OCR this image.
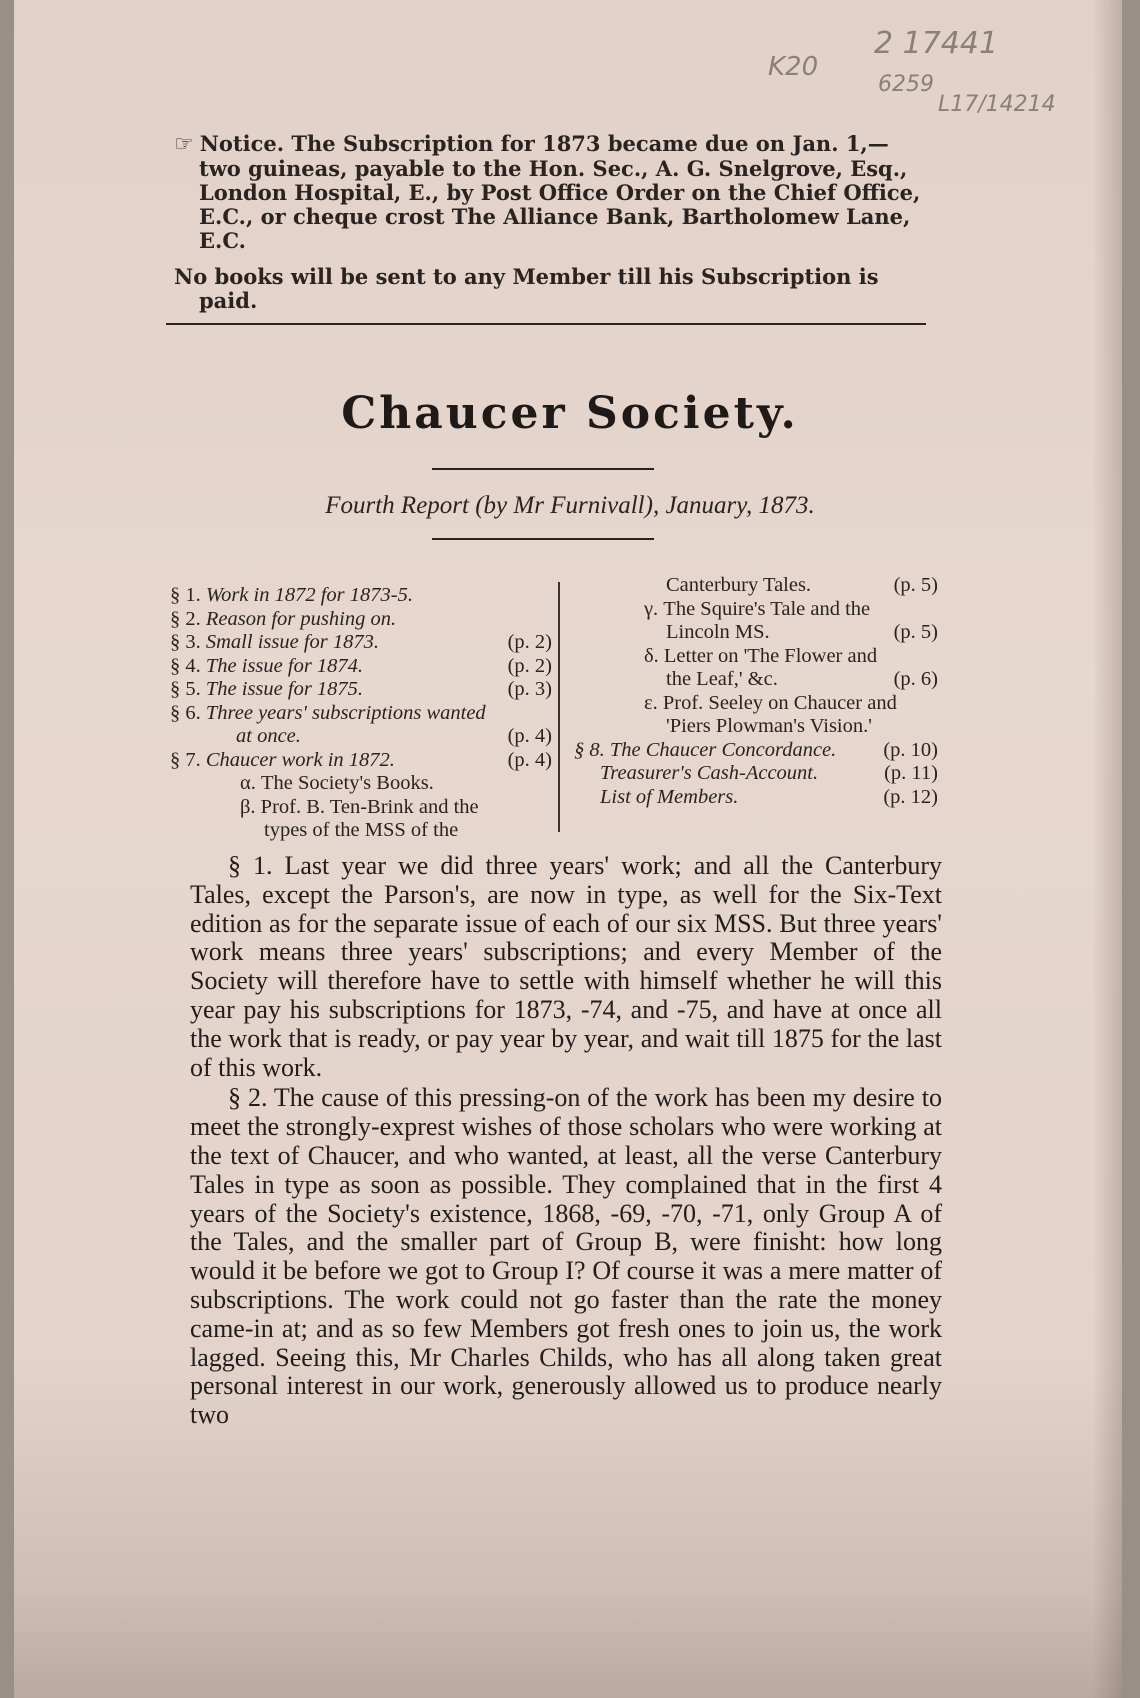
K20
2 17441
6259
L17/14214

☞ Notice. The Subscription for 1873 became due on Jan. 1,— two guineas, payable to the Hon. Sec., A. G. Snelgrove, Esq., London Hospital, E., by Post Office Order on the Chief Office, E.C., or cheque crost The Alliance Bank, Bartholomew Lane, E.C.

No books will be sent to any Member till his Subscription is paid.

Chaucer Society.
Fourth Report (by Mr Furnivall), January, 1873.
§ 1. Work in 1872 for 1873-5.
§ 2. Reason for pushing on.
§ 3. Small issue for 1873.	(p. 2)
§ 4. The issue for 1874.	(p. 2)
§ 5. The issue for 1875.	(p. 3)
§ 6. Three years' subscriptions wanted
at once.	(p. 4)
§ 7. Chaucer work in 1872.	(p. 4)
α. The Society's Books.
β. Prof. B. Ten-Brink and the
types of the MSS of the
Canterbury Tales.	(p. 5)
γ. The Squire's Tale and the
Lincoln MS.	(p. 5)
δ. Letter on 'The Flower and
the Leaf,' &c.	(p. 6)
ε. Prof. Seeley on Chaucer and
'Piers Plowman's Vision.'
§ 8. The Chaucer Concordance. (p. 10)
Treasurer's Cash-Account.	(p. 11)
List of Members.	(p. 12)

§ 1. Last year we did three years' work; and all the Canterbury Tales, except the Parson's, are now in type, as well for the Six-Text edition as for the separate issue of each of our six MSS. But three years' work means three years' subscriptions; and every Member of the Society will therefore have to settle with himself whether he will this year pay his subscriptions for 1873, -74, and -75, and have at once all the work that is ready, or pay year by year, and wait till 1875 for the last of this work.

§ 2. The cause of this pressing-on of the work has been my desire to meet the strongly-exprest wishes of those scholars who were working at the text of Chaucer, and who wanted, at least, all the verse Canterbury Tales in type as soon as possible. They complained that in the first 4 years of the Society's existence, 1868, -69, -70, -71, only Group A of the Tales, and the smaller part of Group B, were finisht: how long would it be before we got to Group I? Of course it was a mere matter of subscriptions. The work could not go faster than the rate the money came-in at; and as so few Members got fresh ones to join us, the work lagged. Seeing this, Mr Charles Childs, who has all along taken great personal interest in our work, generously allowed us to produce nearly two
